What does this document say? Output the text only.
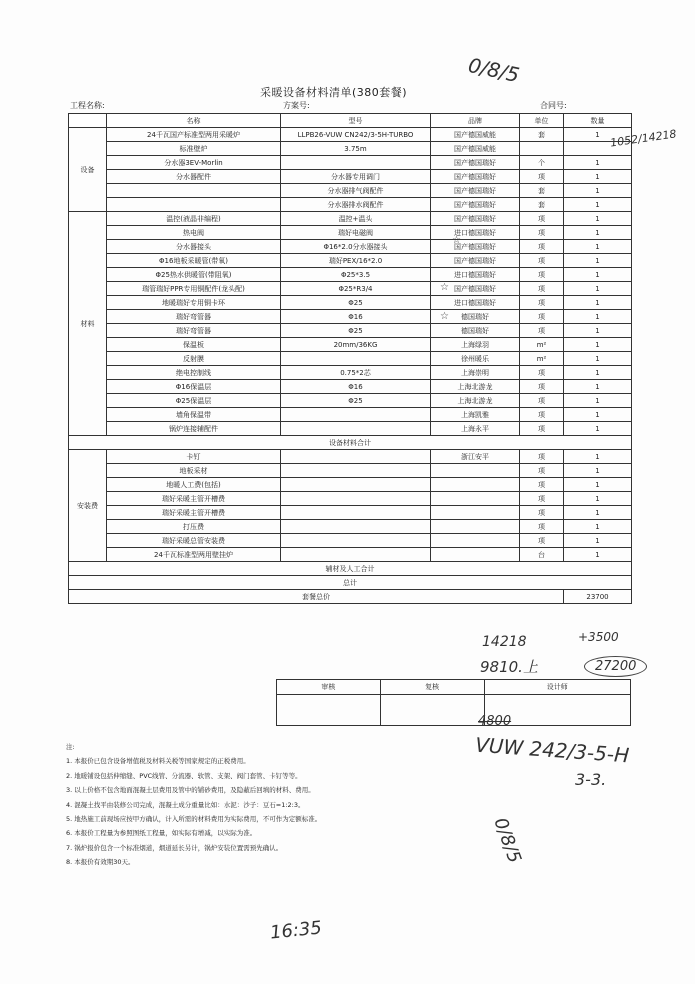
采暖设备材料清单(380套餐)
工程名称:	方案号:	合同号:
	名称	型号	品牌	单位	数量
设备	24千瓦国产标准型两用采暖炉	LLPB26-VUW CN242/3-5H-TURBO	国产德国威能	套	1
	标准壁炉	3.75m	国产德国威能		
	分水器3EV-Morlin		国产德国瑞好	个	1
	分水器配件	分水器专用调门	国产德国瑞好	项	1
		分水器排气阀配件	国产德国瑞好	套	1
		分水器排水阀配件	国产德国瑞好	套	1
材料	温控(液晶非编程)	温控+温头	国产德国瑞好	项	1
	热电阀	瑞好电磁阀	进口德国瑞好	项	1
	分水器接头	Φ16*2.0分水器接头	国产德国瑞好	项	1
	Φ16地板采暖管(带氧)	瑞好PEX/16*2.0	国产德国瑞好	项	1
	Φ25热水供暖管(带阻氧)	Φ25*3.5	进口德国瑞好	项	1
	瑞管瑞好PPR专用铜配件(龙头配)	Φ25*R3/4	国产德国瑞好	项	1
	地暖瑞好专用铜卡环	Φ25	进口德国瑞好	项	1
	瑞好弯管器	Φ16	德国瑞好	项	1
	瑞好弯管器	Φ25	德国瑞好	项	1
	保温板	20mm/36KG	上海绿羽	m²	1
	反射膜		徐州暖乐	m²	1
	绝电控制线	0.75*2芯	上海崇明	项	1
	Φ16保温层	Φ16	上海北游龙	项	1
	Φ25保温层	Φ25	上海北游龙	项	1
	墙角保温带		上海凯雅	项	1
	锅炉连接辅配件		上海永平	项	1
设备材料合计					
安装费	卡钉		浙江安平	项	1
	地板采材			项	1
	地暖人工费(包括)			项	1
	瑞好采暖主管开槽费			项	1
	瑞好采暖主管开槽费			项	1
	打压费			项	1
	瑞好采暖总管安装费			项	1
	24千瓦标准型两用壁挂炉			台	1
辅材及人工合计					
总计					
套餐总价					23700
☆
☆
☆
审核	复核	设计师

注:
1. 本报价已包含设备增值税及材料关税等国家规定的正税费用。
2. 地暖铺设包括伸缩缝、PVC线管、分流器、软管、支架、阀门套管、卡钉等等。
3. 以上价格不包含地面混凝土层费用及管中的铺砂费用，及隐蔽后回填的材料、费用。
4. 混凝土找平由装修公司完成，混凝土成分重量比如：水泥：沙子：豆石=1:2:3。
5. 地热施工前现场应按甲方确认，计入所需的材料费用为实际费用，不可作为定额标准。
6. 本报价工程量为参照图纸工程量，如实际有增减，以实际为准。
7. 锅炉报价包含一个标准烟道，烟道延长另计，锅炉安装位置需预先确认。
8. 本报价有效期30天。
0/8/5
1052/14218
14218	+3500
9810.上	27200
4800
VUW 242/3-5-H
3-3.
0/8/5
16:35
